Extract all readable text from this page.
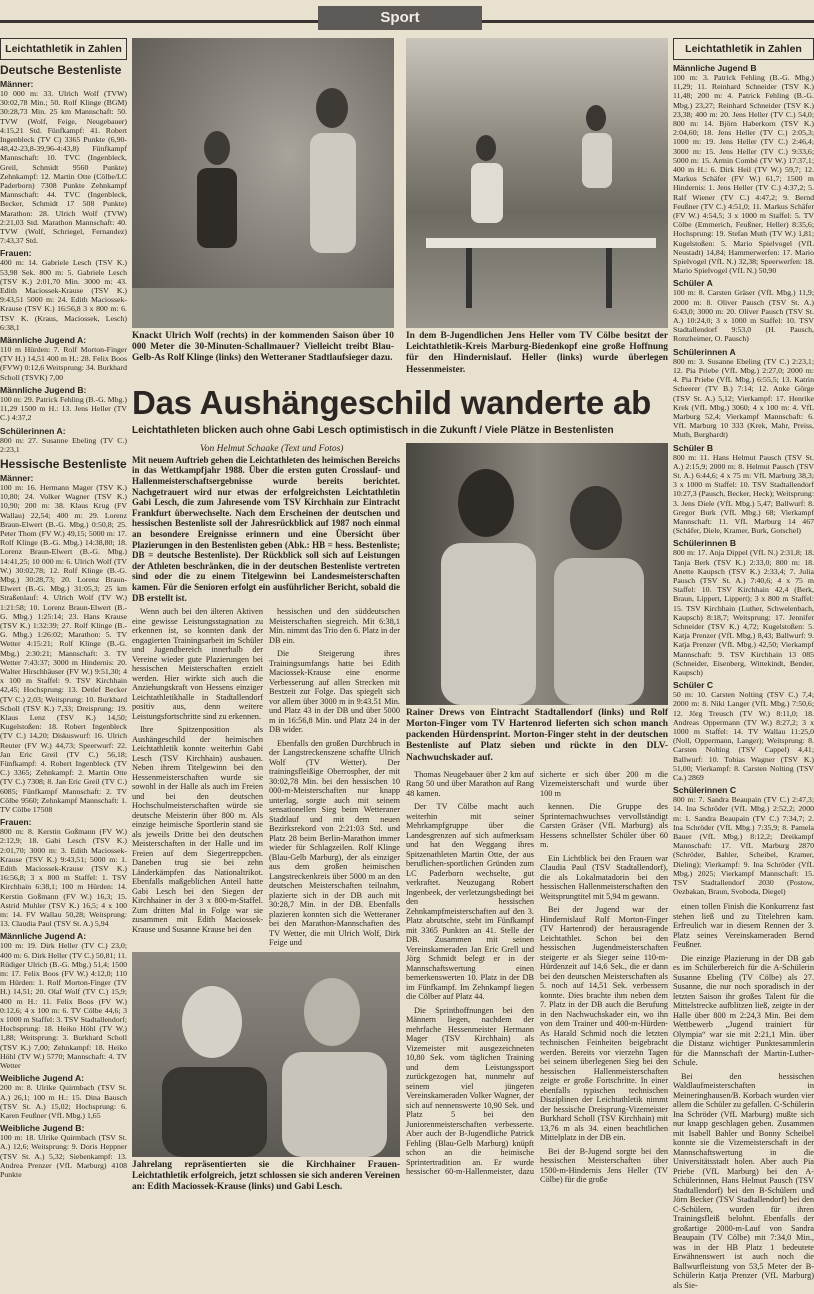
Sport
Leichtathletik in Zahlen
Deutsche Bestenliste
Männer:

10 000 m: 33. Ulrich Wolf (TVW) 30:02,78 Min.; 50. Rolf Klinge (BGM) 30:28,73 Min. 25 km Mannschaft: 50. TVW (Wolf, Feige, Neugebauer) 4:15,21 Std. Fünfkampf: 41. Robert Ingenbleck (TV C) 3365 Punkte (6,90-48,42-23,8-39,96-4:43,8) Fünfkampf Mannschaft: 10. TVC (Ingenbleck, Greil, Schmidt 9560 Punkte) Zehnkampf: 12. Martin Otte (Cölbe/LC Paderborn) 7308 Punkte Zehnkampf Mannschaft: 44. TVC (Ingenbleck, Becker, Schmidt 17 508 Punkte) Marathon: 28. Ulrich Wolf (TVW) 2:21,03 Std. Marathon Mannschaft: 40. TVW (Wolf, Schriegel, Fernandez) 7:43,37 Std.

Frauen:

400 m: 14. Gabriele Lesch (TSV K.) 53,98 Sek. 800 m: 5. Gabriele Lesch (TSV K.) 2:01,70 Min. 3000 m: 43. Edith Maciossek-Krause (TSV K.) 9:43,51 5000 m: 24. Edith Maciossek-Krause (TSV K.) 16:56,8 3 x 800 m: 6. TSV K. (Kraus, Maciossek, Lesch) 6:38,1

Männliche Jugend A:

110 m Hürden: 7. Rolf Morton-Finger (TV H.) 14,51 400 m H.: 28. Felix Boos (FVW) 0:12,6 Weitsprung: 34. Burkhard Scholl (TSVK) 7,00

Männliche Jugend B:

100 m: 29. Patrick Fehling (B.-G. Mbg.) 11,29 1500 m H.: 13. Jens Heller (TV C.) 4:37,2

Schülerinnen A:

800 m: 27. Susanne Ebeling (TV C.) 2:23,1

Hessische Bestenliste
Männer:

100 m: 16. Hermann Mager (TSV K.) 10,80; 24. Volker Wagner (TSV K.) 10,90; 200 m: 38. Klaus Krug (FV Wallau) 22,54; 400 m: 29. Lorenz Braun-Elwert (B.-G. Mbg.) 0:50,8; 25. Peter Thom (FV W.) 49,15; 5000 m: 17. Rolf Klinge (B.-G. Mbg.) 14:38,80; 18. Lorenz Braun-Elwert (B.-G. Mbg.) 14:41,25; 10 000 m: 6. Ulrich Wolf (TV W.) 30:02,78; 12. Rolf Klinge (B.-G. Mbg.) 30:28,73; 20. Lorenz Braun-Elwert (B.-G. Mbg.) 31:05,3; 25 km Straßenlauf: 4. Ulrich Wolf (TV W.) 1:21:58; 10. Lorenz Braun-Elwert (B.-G. Mbg.) 1:25:14; 23. Hans Krause (TSV K.) 1:32:39; 27. Rolf Klinge (B.-G. Mbg.) 1:26:02; Marathon: 5. TV Wetter 4:15:21; Rolf Klinge (B.-G. Mbg.) 2:30:21; Mannschaft: 3. TV Wetter 7:43:37; 3000 m Hindernis: 20. Walter Hirschhäuser (FV W.) 9:51,30; 4 x 100 m Staffel: 9. TSV Kirchhain 42,45; Hochsprung: 13. Detlef Becker (TV C.) 2,03; Weitsprung: 10. Burkhard Scholl (TSV K.) 7,33; Dreisprung: 19. Klaus Lenz (TSV K.) 14,50; Kugelstoßen: 18. Robert Ingenbleck (TV C.) 14,20; Diskuswurf: 16. Ulrich Reuter (FV W.) 44,73; Speerwurf: 22. Jan Eric Greil (TV C.) 56,18; Fünfkampf: 4. Robert Ingenbleck (TV C.) 3365; Zehnkampf: 2. Martin Otte (TV C.) 7308; 8. Jan Eric Greil (TV C.) 6085; Fünfkampf Mannschaft: 2. TV Cölbe 9560; Zehnkampf Mannschaft: 1. TV Cölbe 17508

Frauen:

800 m: 8. Kerstin Goßmann (FV W.) 2:12,9; 18. Gabi Lesch (TSV K.) 2:01,70; 3000 m: 3. Edith Maciossek-Krause (TSV K.) 9:43,51; 5000 m: 1. Edith Maciossek-Krause (TSV K.) 16:56,8; 3 x 800 m Staffel: 1. TSV Kirchhain 6:38,1; 100 m Hürden: 14. Kerstin Goßmann (FV W.) 16,3; 15. Astrid Muhler (TSV K.) 16,5; 4 x 100 m: 14. FV Wallau 50,28; Weitsprung: 13. Claudia Paul (TSV St. A.) 5,94

Männliche Jugend A:

100 m: 19. Dirk Heller (TV C.) 23,0; 400 m: 6. Dirk Heller (TV C.) 50,81; 11. Rüdiger Ulrich (B.-G. Mbg.) 51,4; 1500 m: 17. Felix Boos (FV W.) 4:12,0; 110 m Hürden: 1. Rolf Morton-Finger (TV H.) 14,51; 20. Olaf Wolf (TV C.) 15,9; 400 m H.: 11. Felix Boos (FV W.) 0:12,6; 4 x 100 m: 6. TV Cölbe 44,6; 3 x 1000 m Staffel: 3. TSV Stadtallendorf; Hochsprung: 18. Heiko Höhl (TV W.) 1,88; Weitsprung: 3. Burkhard Scholl (TSV K.) 7,00; Zehnkampf: 18. Heiko Höhl (TV W.) 5770; Mannschaft: 4. TV Wetter

Weibliche Jugend A:

200 m: 8. Ulrike Quirmbach (TSV St. A.) 26,1; 100 m H.: 15. Dina Bausch (TSV St. A.) 15,02; Hochsprung: 6. Karen Feußner (VfL Mbg.) 1,65

Weibliche Jugend B:

100 m: 18. Ulrike Quirmbach (TSV St. A.) 12,6; Weitsprung: 9. Doris Heppner (TSV St. A.) 5,32; Siebenkampf: 13. Andrea Prenzer (VfL Marburg) 4108 Punkte

Knackt Ulrich Wolf (rechts) in der kommenden Saison über 10 000 Meter die 30-Minuten-Schallmauer? Vielleicht treibt Blau-Gelb-As Rolf Klinge (links) den Wetteraner Stadtlaufsieger dazu.
In dem B-Jugendlichen Jens Heller vom TV Cölbe besitzt der Leichtathletik-Kreis Marburg-Biedenkopf eine große Hoffnung für den Hindernislauf. Heller (links) wurde überlegen Hessenmeister.
Das Aushängeschild wanderte ab
Leichtathleten blicken auch ohne Gabi Lesch optimistisch in die Zukunft / Viele Plätze in Bestenlisten
Von Helmut Schaake (Text und Fotos)
Mit neuem Auftrieb gehen die Leichtathleten des heimischen Bereichs in das Wettkampfjahr 1988. Über die ersten guten Crosslauf- und Hallenmeisterschaftsergebnisse wurde bereits berichtet. Nachgetrauert wird nur etwas der erfolgreichsten Leichtathletin Gabi Lesch, die zum Jahresende vom TSV Kirchhain zur Eintracht Frankfurt überwechselte. Nach dem Erscheinen der deutschen und hessischen Bestenliste soll der Jahresrückblick auf 1987 noch einmal an besondere Ereignisse erinnern und eine Übersicht über Plazierungen in den Bestenlisten geben (Abk.: HB = hess. Bestenliste; DB = deutsche Bestenliste). Der Rückblick soll sich auf Leistungen der Athleten beschränken, die in der deutschen Bestenliste vertreten sind oder die zu einem Titelgewinn bei Landesmeisterschaften kamen. Für die Senioren erfolgt ein ausführlicher Bericht, sobald die DB erstellt ist.

Wenn auch bei den älteren Aktiven eine gewisse Leistungsstagnation zu erkennen ist, so konnten dank der engagierten Trainingsarbeit im Schüler und Jugendbereich innerhalb der Vereine wieder gute Plazierungen bei hessischen Meisterschaften erzielt werden. Hier wirkte sich auch die Anziehungskraft von Hessens einziger Leichtathletikhalle in Stadtallendorf positiv aus, denn weitere Leistungsfortschritte sind zu erkennen.

Ihre Spitzenposition als Aushängeschild der heimischen Leichtathletik konnte weiterhin Gabi Lesch (TSV Kirchhain) ausbauen. Neben ihrem Titelgewinn bei den Hessenmeisterschaften wurde sie sowohl in der Halle als auch im Freien und bei den deutschen Hochschulmeisterschaften würde sie deutsche Meisterin über 800 m. Als einzige heimische Sportlerin stand sie als jeweils Dritte bei den deutschen Meisterschaften in der Halle und im Freien auf dem Siegertreppchen. Daneben trug sie bei zehn Länderkämpfen das Nationaltrikot. Ebenfalls maßgeblichen Anteil hatte Gabi Lesch bei den Siegen der Kirchhainer in der 3 x 800-m-Staffel. Zum dritten Mal in Folge war sie zusammen mit Edith Maciossek-Krause und Susanne Krause bei den

hessischen und den süddeutschen Meisterschaften siegreich. Mit 6:38,1 Min. nimmt das Trio den 6. Platz in der DB ein.

Die Steigerung ihres Trainingsumfangs hatte bei Edith Maciossek-Krause eine enorme Verbesserung auf allen Strecken mit Bestzeit zur Folge. Das spiegelt sich vor allem über 3000 m in 9:43.51 Min. und Platz 43 in der DB und über 5000 m in 16:56,8 Min. und Platz 24 in der DB wider.

Ebenfalls den großen Durchbruch in der Langstreckenszene schaffte Ulrich Wolf (TV Wetter). Der trainingsfleißige Oberrospher, der mit 30:02,78 Min. bei den hessischen 10 000-m-Meisterschaften nur knapp unterlag, sorgte auch mit seinem sensationellen Sieg beim Wetteraner Stadtlauf und mit dem neuen Bezirksrekord von 2:21:03 Std. und Platz 28 beim Berlin-Marathon immer wieder für Schlagzeilen. Rolf Klinge (Blau-Gelb Marburg), der als einziger aus dem großen heimischen Langstreckenkreis über 5000 m an den deutschen Meisterschaften teilnahm, plazierte sich in der DB auch mit 30:28,7 Min. in der DB. Ebenfalls plazieren konnten sich die Wetteraner bei den Marathon-Mannschaften des TV Wetter, die mit Ulrich Wolf, Dirk Feige und

Jahrelang repräsentierten sie die Kirchhainer Frauen-Leichtathletik erfolgreich, jetzt schlossen sie sich anderen Vereinen an: Edith Maciossek-Krause (links) und Gabi Lesch.
Rainer Drews von Eintracht Stadtallendorf (links) und Rolf Morton-Finger vom TV Hartenrod lieferten sich schon manch packenden Hürdensprint. Morton-Finger steht in der deutschen Bestenliste auf Platz sieben und rückte in den DLV-Nachwuchskader auf.

Thomas Neugebauer über 2 km auf Rang 50 und über Marathon auf Rang 48 kamen.

Der TV Cölbe macht auch weiterhin mit seiner Mehrkampfgruppe über die Landesgrenzen auf sich aufmerksam und hat den Weggang ihres Spitzenathleten Martin Otte, der aus beruflichen-sportlichen Gründen zum LC Paderborn wechselte, gut verkraftet. Neuzugang Robert Ingenbeek, der verletzungsbedingt bei den hessischen Zehnkampfmeisterschaften auf den 3. Platz abrutschte, steht im Fünfkampf mit 3365 Punkten an 41. Stelle der DB. Zusammen mit seinen Vereinskameraden Jan Eric Grell und Jörg Schmidt belegt er in der Mannschaftswertung einen bemerkenswerten 10. Platz in der DB im Fünfkampf. Im Zehnkampf liegen die Cölber auf Platz 44.

Die Sprinthoffnungen bei den Männern liegen, nachdem der mehrfache Hessenmeister Hermann Mager (TSV Kirchhain) als Vizemeister mit ausgezeichneten 10,80 Sek. vom täglichen Training und dem Leistungssport zurückgezogen hat, nunmehr auf seinem viel jüngeren Vereinskameraden Volker Wagner, der sich auf nennenswerte 10,90 Sek. und Platz 5 bei den Juniorenmeisterschaften verbesserte. Aber auch der B-Jugendliche Patrick Fehling (Blau-Gelb Marburg) knüpft schon an die heimische Sprintertradition an. Er wurde hessischer 60-m-Hallenmeister, dazu sicherte er sich über 200 m die Vizemeisterschaft und wurde über 100 m

kennen. Die Gruppe des Sprinternachwuchses vervollständigt Carsten Gräser (VfL Marburg) als Hessens schnellster Schüler über 60 m.

Ein Lichtblick bei den Frauen war Claudia Paul (TSV Stadtallendorf), die als Lokalmatadorin bei den hessischen Hallenmeisterschaften den Weitsprungtitel mit 5,94 m gewann.

Bei der Jugend war der Hindernislauf Rolf Morton-Finger (TV Hartenrod) der herausragende Leichtathlet. Schon bei den hessischen Jugendmeisterschaften steigerte er als Sieger seine 110-m-Hürdenzeit auf 14,6 Sek., die er dann bei den deutschen Meisterschaften als 5. noch auf 14,51 Sek. verbessern konnte. Dies brachte ihm neben dem 7. Platz in der DB auch die Berufung in den Nachwuchskader ein, wo ihn von dem Trainer und 400-m-Hürden-As Harald Schmid noch die letzten technischen Feinheiten beigebracht werden. Bereits vor vierzehn Tagen bei seinem überlegenen Sieg bei den hessischen Hallenmeisterschaften zeigte er große Fortschritte. In einer ebenfalls typischen technischen Disziplinen der Leichtathletik nimmt der hessische Dreisprung-Vizemeister Burkhard Scholl (TSV Kirchhain) mit 13,76 m als 34. einen beachtlichen Mittelplatz in der DB ein.

Bei der B-Jugend sorgte bei den hessischen Meisterschaften über 1500-m-Hindernis Jens Heller (TV Cölbe) für die große

Leichtathletik in Zahlen
Männliche Jugend B

100 m: 3. Patrick Fehling (B.-G. Mbg.) 11,29; 11. Reinhard Schneider (TSV K.) 11,48; 200 m: 4. Patrick Fehling (B.-G. Mbg.) 23,27; Reinhard Schneider (TSV K.) 23,38; 400 m: 20. Jens Heller (TV C.) 54,0; 800 m: 14. Björn Haberkorn (TSV K.) 2:04,60; 18. Jens Heller (TV C.) 2:05,3; 1000 m: 19. Jens Heller (TV C.) 2:46,4; 3000 m: 15. Jens Heller (TV C.) 9:33,6; 5000 m: 15. Armin Combé (TV W.) 17:37,1; 400 m H.: 6. Dirk Heil (TV W.) 59,7; 12. Markus Schäfer (FV W.) 61,7; 1500 m Hindernis: 1. Jens Heller (TV C.) 4:37,2; 5. Ralf Wiener (TV C.) 4:47,2; 9. Bernd Feußner (TV C.) 4:51,0; 11. Markus Schäfer (FV W.) 4:54,5; 3 x 1000 m Staffel: 5. TV Cölbe (Emmerich, Feußner, Heller) 8:35,6; Hochsprung: 19. Stefan Muth (TV W.) 1,81; Kugelstoßen: 5. Mario Spielvogel (VfL Neustadt) 14,84; Hammerwerfen: 17. Mario Spielvogel (VfL N.) 32,38; Speerwerfen: 18. Mario Spielvogel (VfL N.) 50,90

Schüler A

100 m: 8. Carsten Gräser (VfL Mbg.) 11,9; 2000 m: 8. Oliver Pausch (TSV St. A.) 6:43,0; 3000 m: 20. Oliver Pausch (TSV St. A.) 10:24,0; 3 x 1000 m Staffel: 10. TSV Stadtallendorf 9:53,0 (H. Pausch, Ronzheimer, O. Pausch)

Schülerinnen A

800 m: 3. Susanne Ebeling (TV C.) 2:23,1; 12. Pia Priebe (VfL Mbg.) 2:27,0; 2000 m: 4. Pia Priebe (VfL Mbg.) 6:55,5; 13. Katrin Scheerer (TV B.) 7:14; 12. Anke Görge (TSV St. A.) 5,12; Vierkampf: 17. Henrike Krek (VfL Mbg.) 3060; 4 x 100 m: 4. VfL Marburg 52,4; Vierkampf Mannschaft: 6. VfL Marburg 10 333 (Krek, Mahr, Preiss, Muth, Burghardt)

Schüler B

800 m: 11. Hans Helmut Pausch (TSV St. A.) 2:15,9; 2000 m: 8. Helmut Pausch (TSV St. A.) 6:44,6; 4 x 75 m: VfL Marburg 38,3; 3 x 1000 m Staffel: 10. TSV Stadtallendorf 10:27,3 (Pausch, Becker, Heck); Weitsprung: 3. Jens Diele (VfL Mbg.) 5,47; Ballwurf: 8. Gregor Burk (VfL Mbg.) 68; Vierkampf Mannschaft: 11. VfL Marburg 14 467 (Schäfer, Diele, Kramer, Burk, Gotschel)

Schülerinnen B

800 m: 17. Anja Dippel (VfL N.) 2:31,8; 18. Tanja Berk (TSV K.) 2:33,0; 800 m: 18. Anette Kaupsch (TSV K.) 2:33,4; 7. Julia Pausch (TSV St. A.) 7:40,6; 4 x 75 m Staffel: 10. TSV Kirchhain 42,4 (Berk, Braun, Lippert, Lippert); 3 x 800 m Staffel: 15. TSV Kirchhain (Luther, Schwelenbach, Kaupsch) 8:18,7; Weitsprung: 17. Jennifer Schneider (TSV K.) 4,72; Kugelstoßen: 5. Katja Prenzer (VfL Mbg.) 8,43; Ballwurf: 9. Katja Prenzer (VfL Mbg.) 42,50; Vierkampf Mannschaft: 9. TSV Kirchhain 13 085 (Schneider, Eisenberg, Wittekindt, Bender, Kaupsch)

Schüler C

50 m: 10. Carsten Nolting (TSV C.) 7,4; 2000 m: 8. Niki Langer (VfL Mbg.) 7:50,6; 12. Jörg Treusch (TV W.) 8:11,0; 18. Andreas Oppermann (TV W.) 8:27,2; 3 x 1000 m Staffel: 14. TV Wallau 11:25,0 (Noll, Oppermann, Langer); Weitsprung: 8. Carsten Nolting (TSV Cappel) 4,41; Ballwurf: 10. Tobias Wagner (TSV K.) 51,00; Vierkampf: 8. Carsten Nolting (TSV Ca.) 2869

Schülerinnen C

800 m: 7. Sandra Beaupain (TV C.) 2:47,3; 14. Ina Schröder (VfL Mbg.) 2:52,2; 2000 m: 1. Sandra Beaupain (TV C.) 7:34,7; 2. Ina Schröder (VfL Mbg.) 7:35,9; 8. Pamela Bauer (VfL Mbg.) 8:12,2; Dreikampf Mannschaft: 17. VfL Marburg 2870 (Schröder, Bahler, Scheibel, Kramer, Dieling); Vierkampf: 9. Ina Schröder (VfL Mbg.) 2025; Vierkampf Mannschaft: 15. TSV Stadtallendorf 2030 (Postow, Oezbakan, Braun, Svoboda, Diegel)

einen tollen Finish die Konkurrenz fast stehen ließ und zu Titelehren kam. Erfreulich war in diesem Rennen der 3. Platz seines Vereinskameraden Bernd Feußner.

Die einzige Plazierung in der DB gab es im Schülerbereich für die A-Schülerin Susanne Ebeling (TV Cölbe) als 27. Susanne, die nur noch sporadisch in der letzten Saison ihr großes Talent für die Mittelstrecke aufblitzen ließ, zeigte in der Halle über 800 m 2:24,3 Min. Bei dem Wettbewerb „Jugend trainiert für Olympia“ war sie mit 2:21,1 Min. über die Distanz wichtiger Punktesammlerin für die Mannschaft der Martin-Luther-Schule.

Bei den hessischen Waldlaufmeisterschaften in Meineringhausen/B. Korbach wurden vier allem die Schüler zu gefallen. C-Schülerin Ina Schröder (VfL Marburg) mußte sich nur knapp geschlagen geben. Zusammen mit Isabell Bahler und Bonny Scheibel konnte sie die Vizemeisterschaft in der Mannschaftswertung in die Universitätsstadt holen. Aber auch Pia Priebe (VfL Marburg) bei den A-Schülerinnen, Hans Helmut Pausch (TSV Stadtallendorf) bei den B-Schülern und Jörn Becker (TSV Stadtallendorf) bei den C-Schülern, wurden für ihren Trainingsfleiß belohnt. Ebenfalls der großartige 2000-m-Lauf von Sandra Beaupain (TV Cölbe) mit 7:34,0 Min., was in der HB Platz 1 bedeutete Erwähnenswert ist auch noch die Ballwurfleistung von 53,5 Meter der B-Schülerin Katja Prenzer (VfL Marburg) als Sie-
